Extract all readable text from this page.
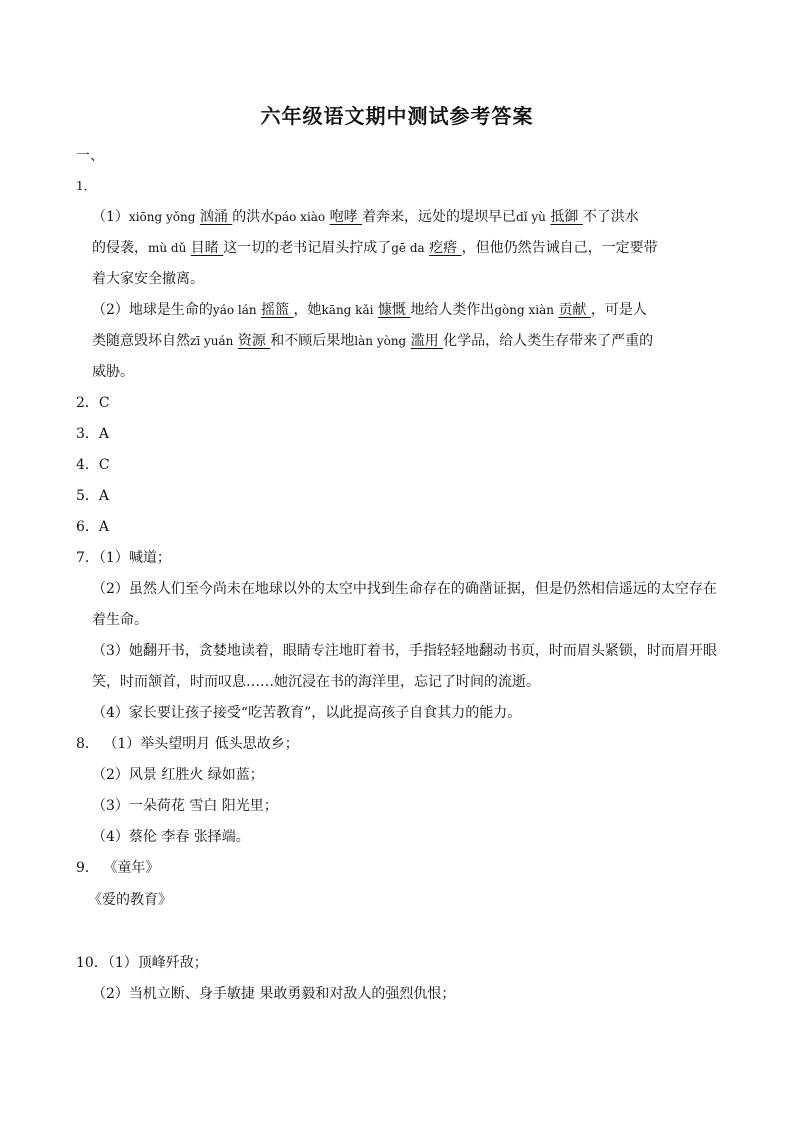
六年级语文期中测试参考答案
一、
1．
（1）xiōng yǒng 汹涌 的洪水páo xiào 咆哮 着奔来，远处的堤坝早已dǐ yù 抵御 不了洪水
的侵袭，mù dǔ 目睹 这一切的老书记眉头拧成了gē da 疙瘩 ，但他仍然告诫自己，一定要带
着大家安全撤离。
（2）地球是生命的yáo lán 摇篮 ，她kāng kǎi 慷慨 地给人类作出gòng xiàn 贡献 ，可是人
类随意毁坏自然zī yuán 资源 和不顾后果地làn yòng 滥用 化学品，给人类生存带来了严重的
威胁。
2．C
3．A
4．C
5．A
6．A
7．（1）喊道；
（2）虽然人们至今尚未在地球以外的太空中找到生命存在的确凿证据，但是仍然相信遥远的太空存在
着生命。
（3）她翻开书，贪婪地读着，眼睛专注地盯着书，手指轻轻地翻动书页，时而眉头紧锁，时而眉开眼
笑，时而颔首，时而叹息……她沉浸在书的海洋里，忘记了时间的流逝。
（4）家长要让孩子接受“吃苦教育”，以此提高孩子自食其力的能力。
8． （1）举头望明月 低头思故乡；
（2）风景 红胜火 绿如蓝；
（3）一朵荷花 雪白 阳光里；
（4）蔡伦 李春 张择端。
9． 《童年》
《爱的教育》
10．（1）顶峰歼敌；
（2）当机立断、身手敏捷 果敢勇毅和对敌人的强烈仇恨；
